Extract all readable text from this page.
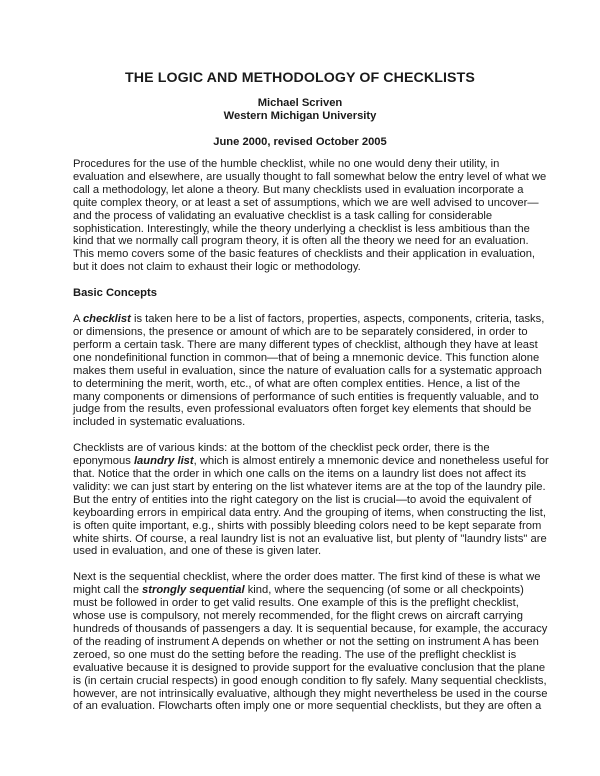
THE LOGIC AND METHODOLOGY OF CHECKLISTS
Michael Scriven
Western Michigan University
June 2000, revised October 2005

Procedures for the use of the humble checklist, while no one would deny their utility, in
evaluation and elsewhere, are usually thought to fall somewhat below the entry level of what we
call a methodology, let alone a theory. But many checklists used in evaluation incorporate a
quite complex theory, or at least a set of assumptions, which we are well advised to uncover—
and the process of validating an evaluative checklist is a task calling for considerable
sophistication. Interestingly, while the theory underlying a checklist is less ambitious than the
kind that we normally call program theory, it is often all the theory we need for an evaluation.
This memo covers some of the basic features of checklists and their application in evaluation,
but it does not claim to exhaust their logic or methodology.

Basic Concepts

A checklist is taken here to be a list of factors, properties, aspects, components, criteria, tasks,
or dimensions, the presence or amount of which are to be separately considered, in order to
perform a certain task. There are many different types of checklist, although they have at least
one nondefinitional function in common—that of being a mnemonic device. This function alone
makes them useful in evaluation, since the nature of evaluation calls for a systematic approach
to determining the merit, worth, etc., of what are often complex entities. Hence, a list of the
many components or dimensions of performance of such entities is frequently valuable, and to
judge from the results, even professional evaluators often forget key elements that should be
included in systematic evaluations.

Checklists are of various kinds: at the bottom of the checklist peck order, there is the
eponymous laundry list, which is almost entirely a mnemonic device and nonetheless useful for
that. Notice that the order in which one calls on the items on a laundry list does not affect its
validity: we can just start by entering on the list whatever items are at the top of the laundry pile.
But the entry of entities into the right category on the list is crucial—to avoid the equivalent of
keyboarding errors in empirical data entry. And the grouping of items, when constructing the list,
is often quite important, e.g., shirts with possibly bleeding colors need to be kept separate from
white shirts. Of course, a real laundry list is not an evaluative list, but plenty of "laundry lists" are
used in evaluation, and one of these is given later.

Next is the sequential checklist, where the order does matter. The first kind of these is what we
might call the strongly sequential kind, where the sequencing (of some or all checkpoints)
must be followed in order to get valid results. One example of this is the preflight checklist,
whose use is compulsory, not merely recommended, for the flight crews on aircraft carrying
hundreds of thousands of passengers a day. It is sequential because, for example, the accuracy
of the reading of instrument A depends on whether or not the setting on instrument A has been
zeroed, so one must do the setting before the reading. The use of the preflight checklist is
evaluative because it is designed to provide support for the evaluative conclusion that the plane
is (in certain crucial respects) in good enough condition to fly safely. Many sequential checklists,
however, are not intrinsically evaluative, although they might nevertheless be used in the course
of an evaluation. Flowcharts often imply one or more sequential checklists, but they are often a
